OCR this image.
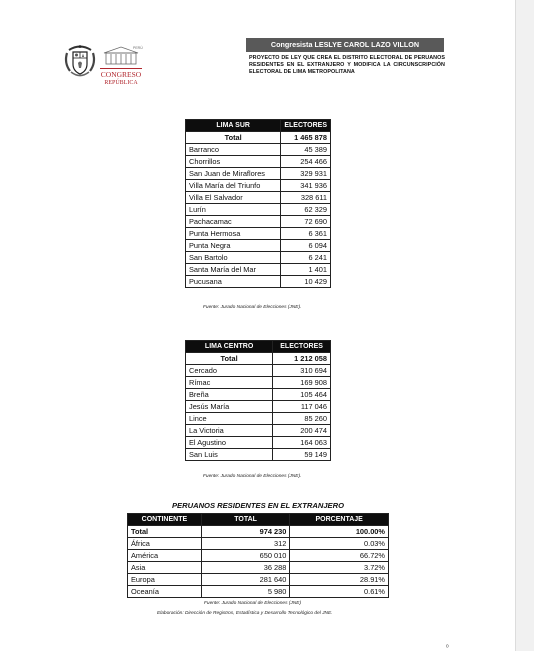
ᵒ
PERÚ
CONGRESO
REPÚBLICA
Congresista LESLYE CAROL LAZO VILLON
PROYECTO DE LEY QUE CREA EL DISTRITO ELECTORAL DE PERUANOS RESIDENTES EN EL EXTRANJERO Y MODIFICA LA CIRCUNSCRIPCIÓN ELECTORAL DE LIMA METROPOLITANA
LIMA SUR	ELECTORES
Total	1 465 878
Barranco	45 389
Chorrillos	254 466
San Juan de Miraflores	329 931
Villa María del Triunfo	341 936
Villa El Salvador	328 611
Lurín	62 329
Pachacamac	72 690
Punta Hermosa	6 361
Punta Negra	6 094
San Bartolo	6 241
Santa María del Mar	1 401
Pucusana	10 429
Fuente: Jurado Nacional de Elecciones (JNE).
LIMA CENTRO	ELECTORES
Total	1 212 058
Cercado	310 694
Rímac	169 908
Breña	105 464
Jesús María	117 046
Lince	85 260
La Victoria	200 474
El Agustino	164 063
San Luis	59 149
Fuente: Jurado Nacional de Elecciones (JNE).
PERUANOS RESIDENTES EN EL EXTRANJERO
CONTINENTE	TOTAL	PORCENTAJE
Total	974 230	100.00%
África	312	0.03%
América	650 010	66.72%
Asia	36 288	3.72%
Europa	281 640	28.91%
Oceanía	5 980	0.61%
Fuente: Jurado Nacional de Elecciones (JNE)
Elaboración: Dirección de Registros, Estadística y Desarrollo Tecnológico del JNE.
